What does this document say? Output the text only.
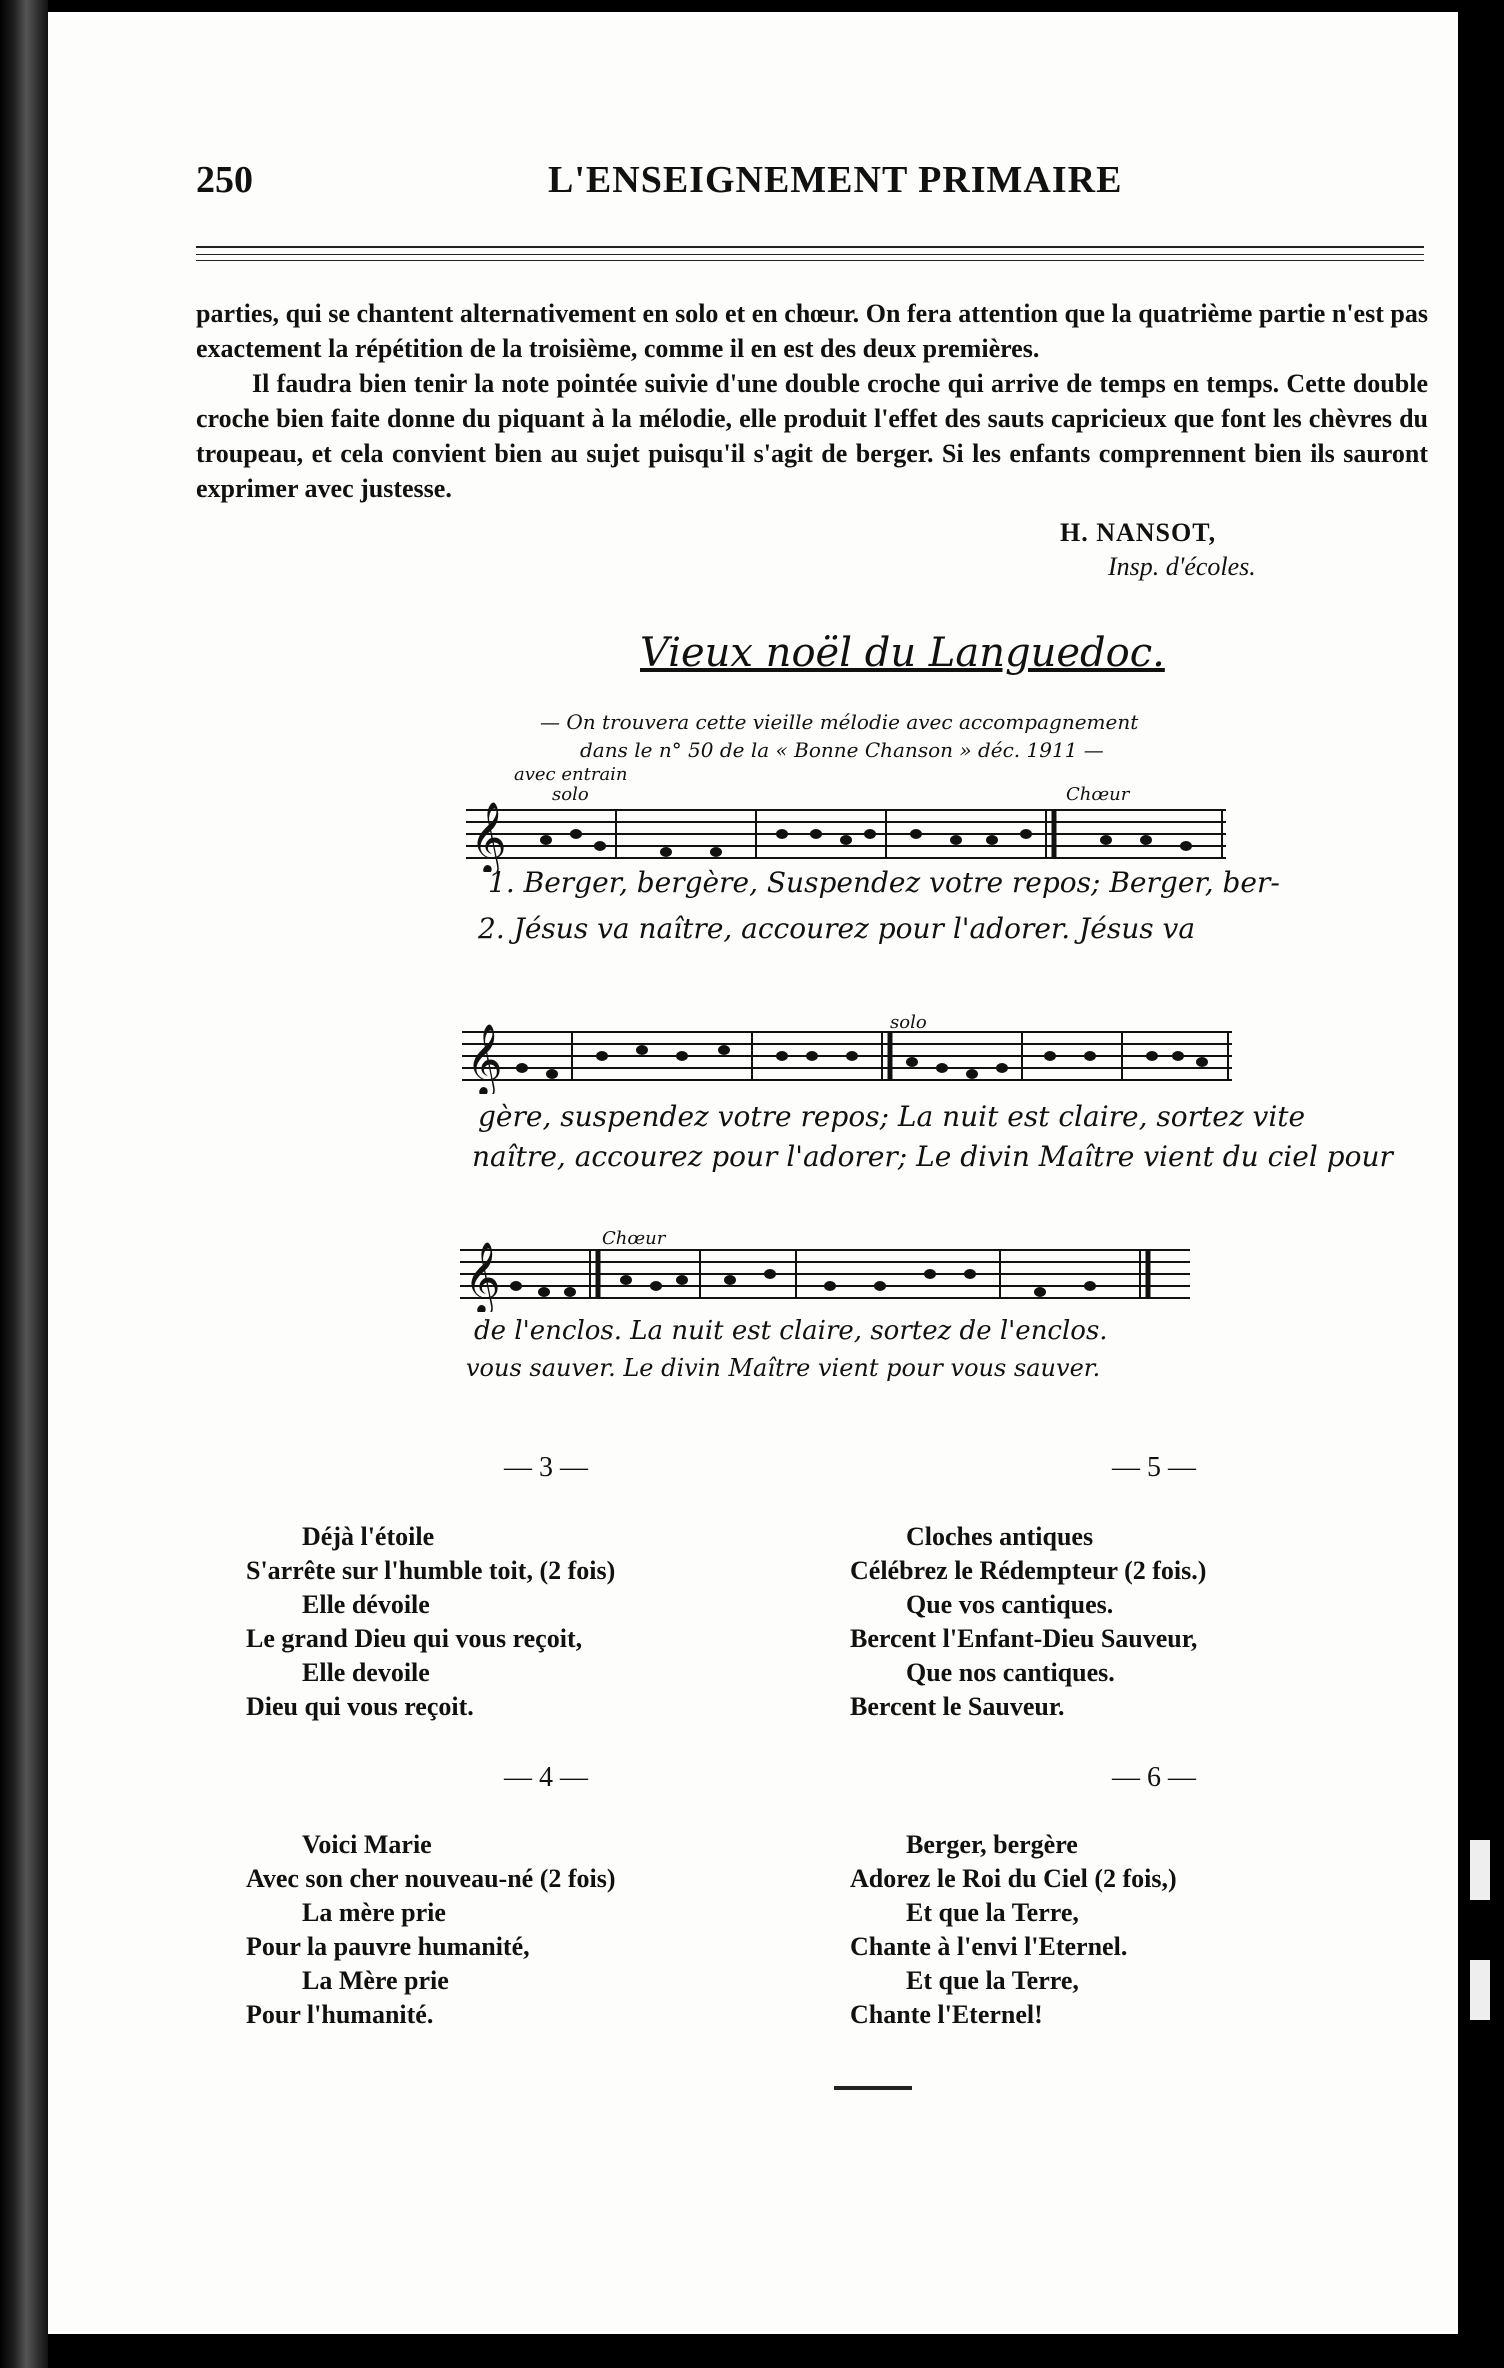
250	L'ENSEIGNEMENT PRIMAIRE

parties, qui se chantent alternativement en solo et en chœur. On fera attention que la quatrième partie n'est pas exactement la répétition de la troisième, comme il en est des deux premières.

Il faudra bien tenir la note pointée suivie d'une double croche qui arrive de temps en temps. Cette double croche bien faite donne du piquant à la mélodie, elle produit l'effet des sauts capricieux que font les chèvres du troupeau, et cela convient bien au sujet puisqu'il s'agit de berger. Si les enfants comprennent bien ils sauront exprimer avec justesse.

H. NANSOT,
Insp. d'écoles.
Vieux noël du Languedoc.
— On trouvera cette vieille mélodie avec accompagnement
dans le n° 50 de la « Bonne Chanson » déc. 1911 —
avec entrain
solo	Chœur
𝄞
1. Berger, bergère, Suspendez votre repos; Berger, ber-
2. Jésus va naître, accourez pour l'adorer. Jésus va
solo
𝄞
gère, suspendez votre repos; La nuit est claire, sortez vite
naître, accourez pour l'adorer; Le divin Maître vient du ciel pour
Chœur
𝄞
de l'enclos. La nuit est claire, sortez de l'enclos.
vous sauver. Le divin Maître vient pour vous sauver.
— 3 —	— 5 —
Déjà l'étoile
S'arrête sur l'humble toit, (2 fois)
Elle dévoile
Le grand Dieu qui vous reçoit,
Elle devoile
Dieu qui vous reçoit.
Cloches antiques
Célébrez le Rédempteur (2 fois.)
Que vos cantiques.
Bercent l'Enfant-Dieu Sauveur,
Que nos cantiques.
Bercent le Sauveur.
— 4 —	— 6 —
Voici Marie
Avec son cher nouveau-né (2 fois)
La mère prie
Pour la pauvre humanité,
La Mère prie
Pour l'humanité.
Berger, bergère
Adorez le Roi du Ciel (2 fois,)
Et que la Terre,
Chante à l'envi l'Eternel.
Et que la Terre,
Chante l'Eternel!
